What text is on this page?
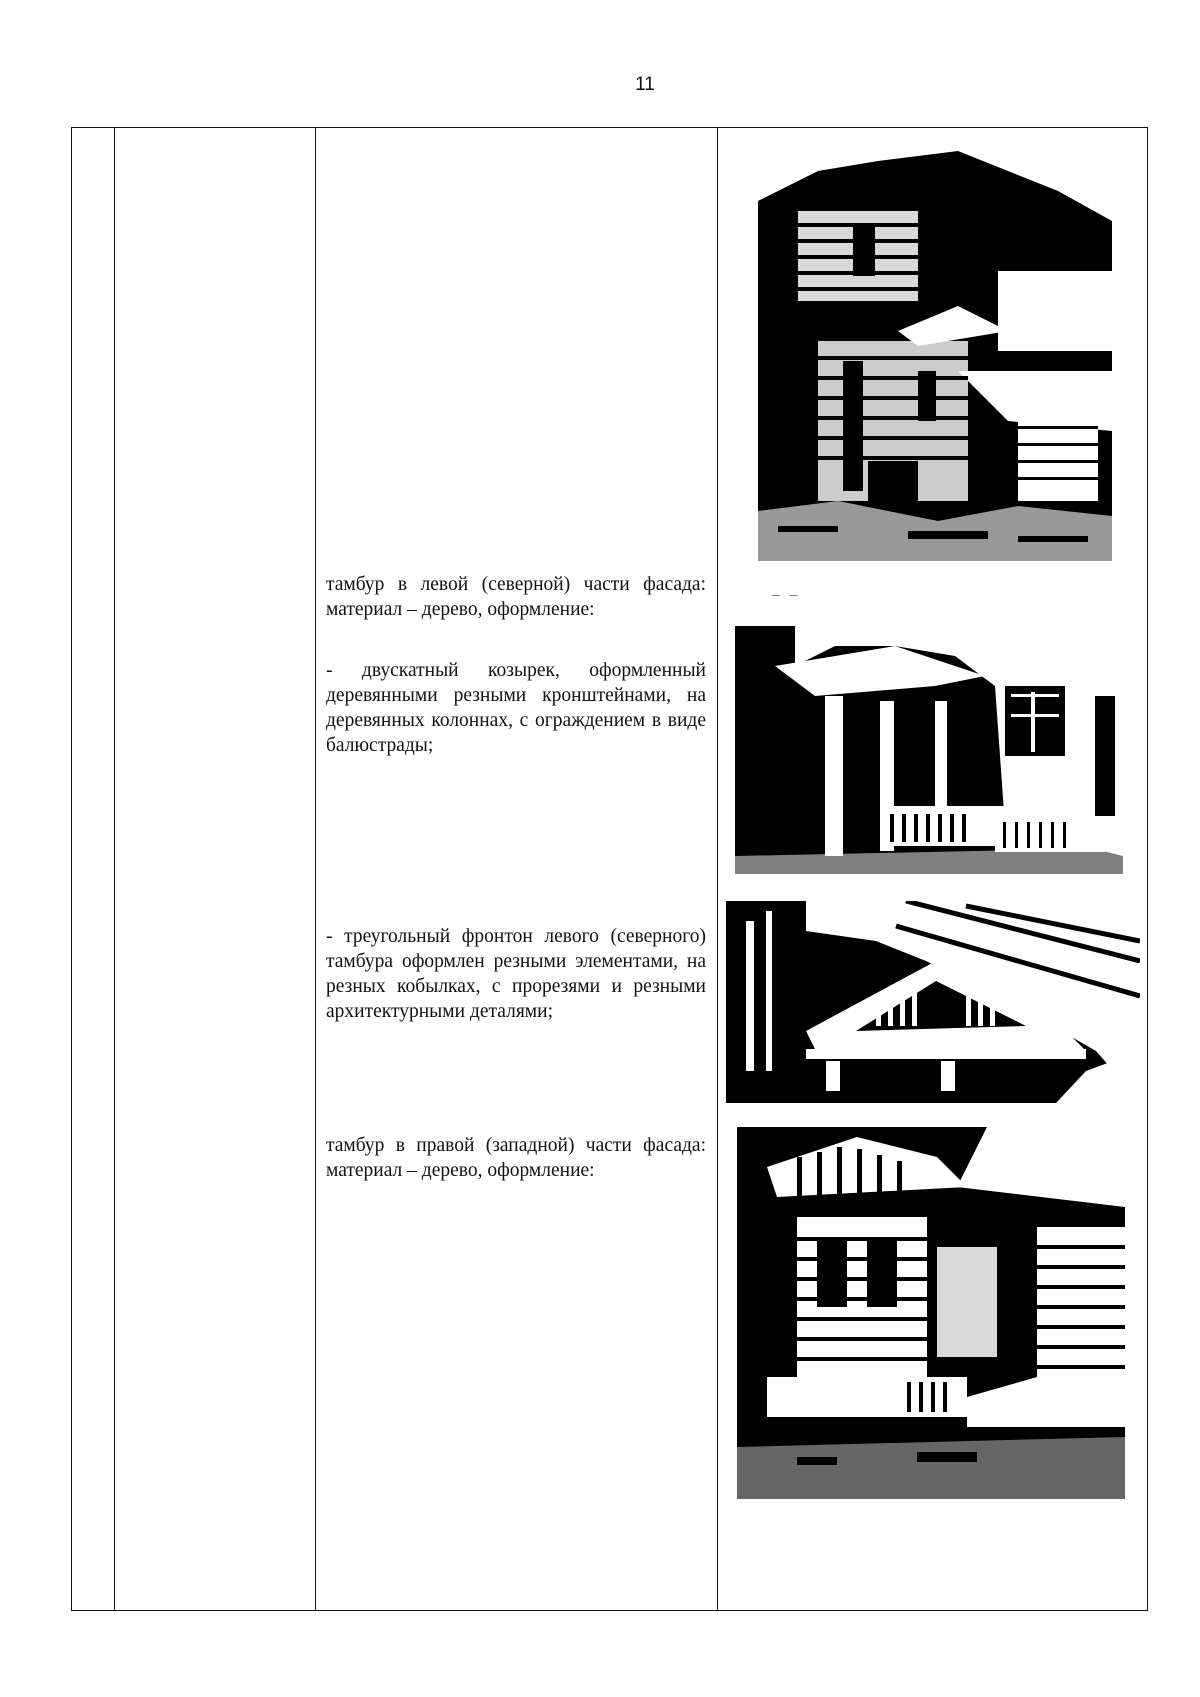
11

тамбур в левой (северной) части фасада: материал – дерево, оформление:

- двускатный козырек, оформленный деревянными резными кронштейнами, на деревянных колоннах, с ограждением в виде балюстрады;

- треугольный фронтон левого (северного) тамбура оформлен резными элементами, на резных кобылках, с прорезями и резными архитектурными деталями;

тамбур в правой (западной) части фасада: материал – дерево, оформление:

– –
